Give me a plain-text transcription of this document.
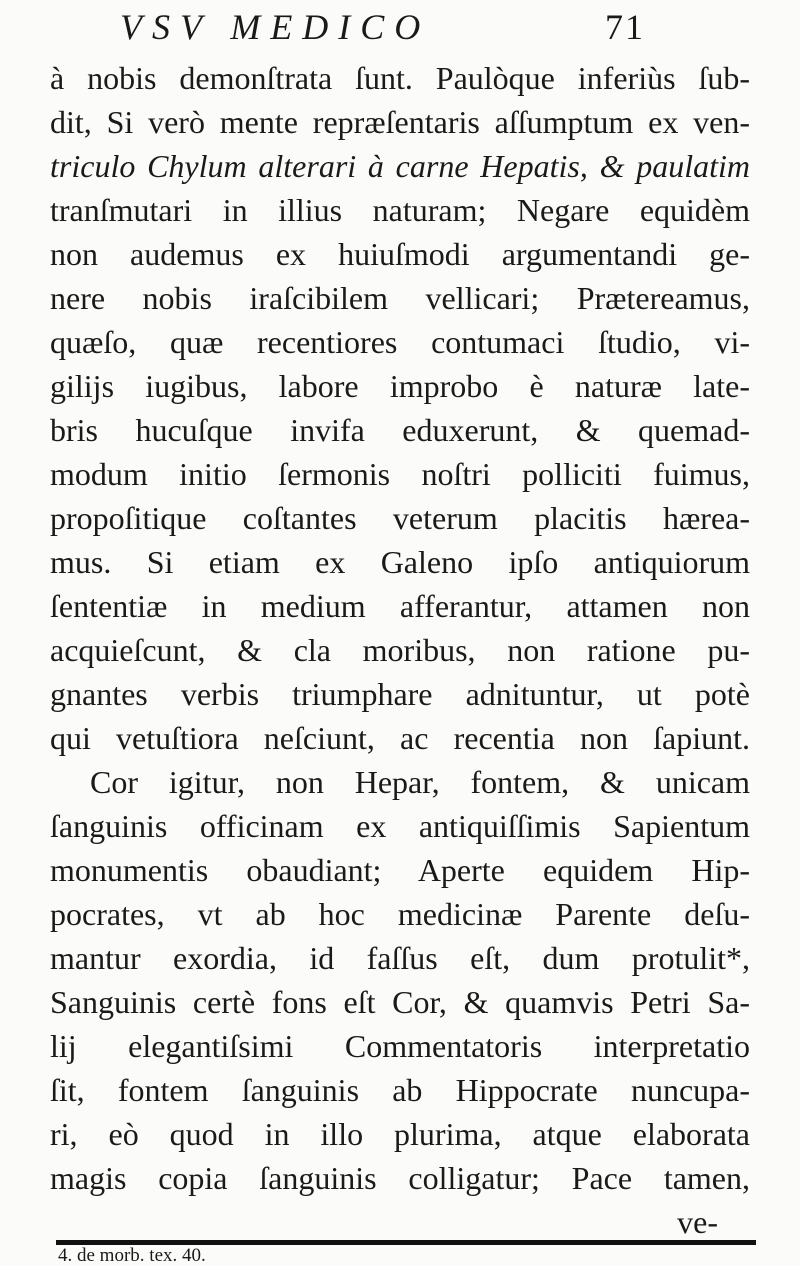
VSV MEDICO	71
à nobis demonſtrata ſunt. Paulòque inferiùs ſub-
dit, Si verò mente repræſentaris aſſumptum ex ven-
triculo Chylum alterari à carne Hepatis, & paulatim
tranſmutari in illius naturam; Negare equidèm
non audemus ex huiuſmodi argumentandi ge-
nere nobis iraſcibilem vellicari; Prætereamus,
quæſo, quæ recentiores contumaci ſtudio, vi-
gilijs iugibus, labore improbo è naturæ late-
bris hucuſque invifa eduxerunt, & quemad-
modum initio ſermonis noſtri polliciti fuimus,
propoſitique coſtantes veterum placitis hærea-
mus. Si etiam ex Galeno ipſo antiquiorum
ſententiæ in medium afferantur, attamen non
acquieſcunt, & cla moribus, non ratione pu-
gnantes verbis triumphare adnituntur, ut potè
qui vetuſtiora neſciunt, ac recentia non ſapiunt.
Cor igitur, non Hepar, fontem, & unicam
ſanguinis officinam ex antiquiſſimis Sapientum
monumentis obaudiant; Aperte equidem Hip-
pocrates, vt ab hoc medicinæ Parente deſu-
mantur exordia, id faſſus eſt, dum protulit*,
Sanguinis certè fons eſt Cor, & quamvis Petri Sa-
lij elegantiſsimi Commentatoris interpretatio
ſit, fontem ſanguinis ab Hippocrate nuncupa-
ri, eò quod in illo plurima, atque elaborata
magis copia ſanguinis colligatur; Pace tamen,
ve-
4. de morb. tex. 40.
